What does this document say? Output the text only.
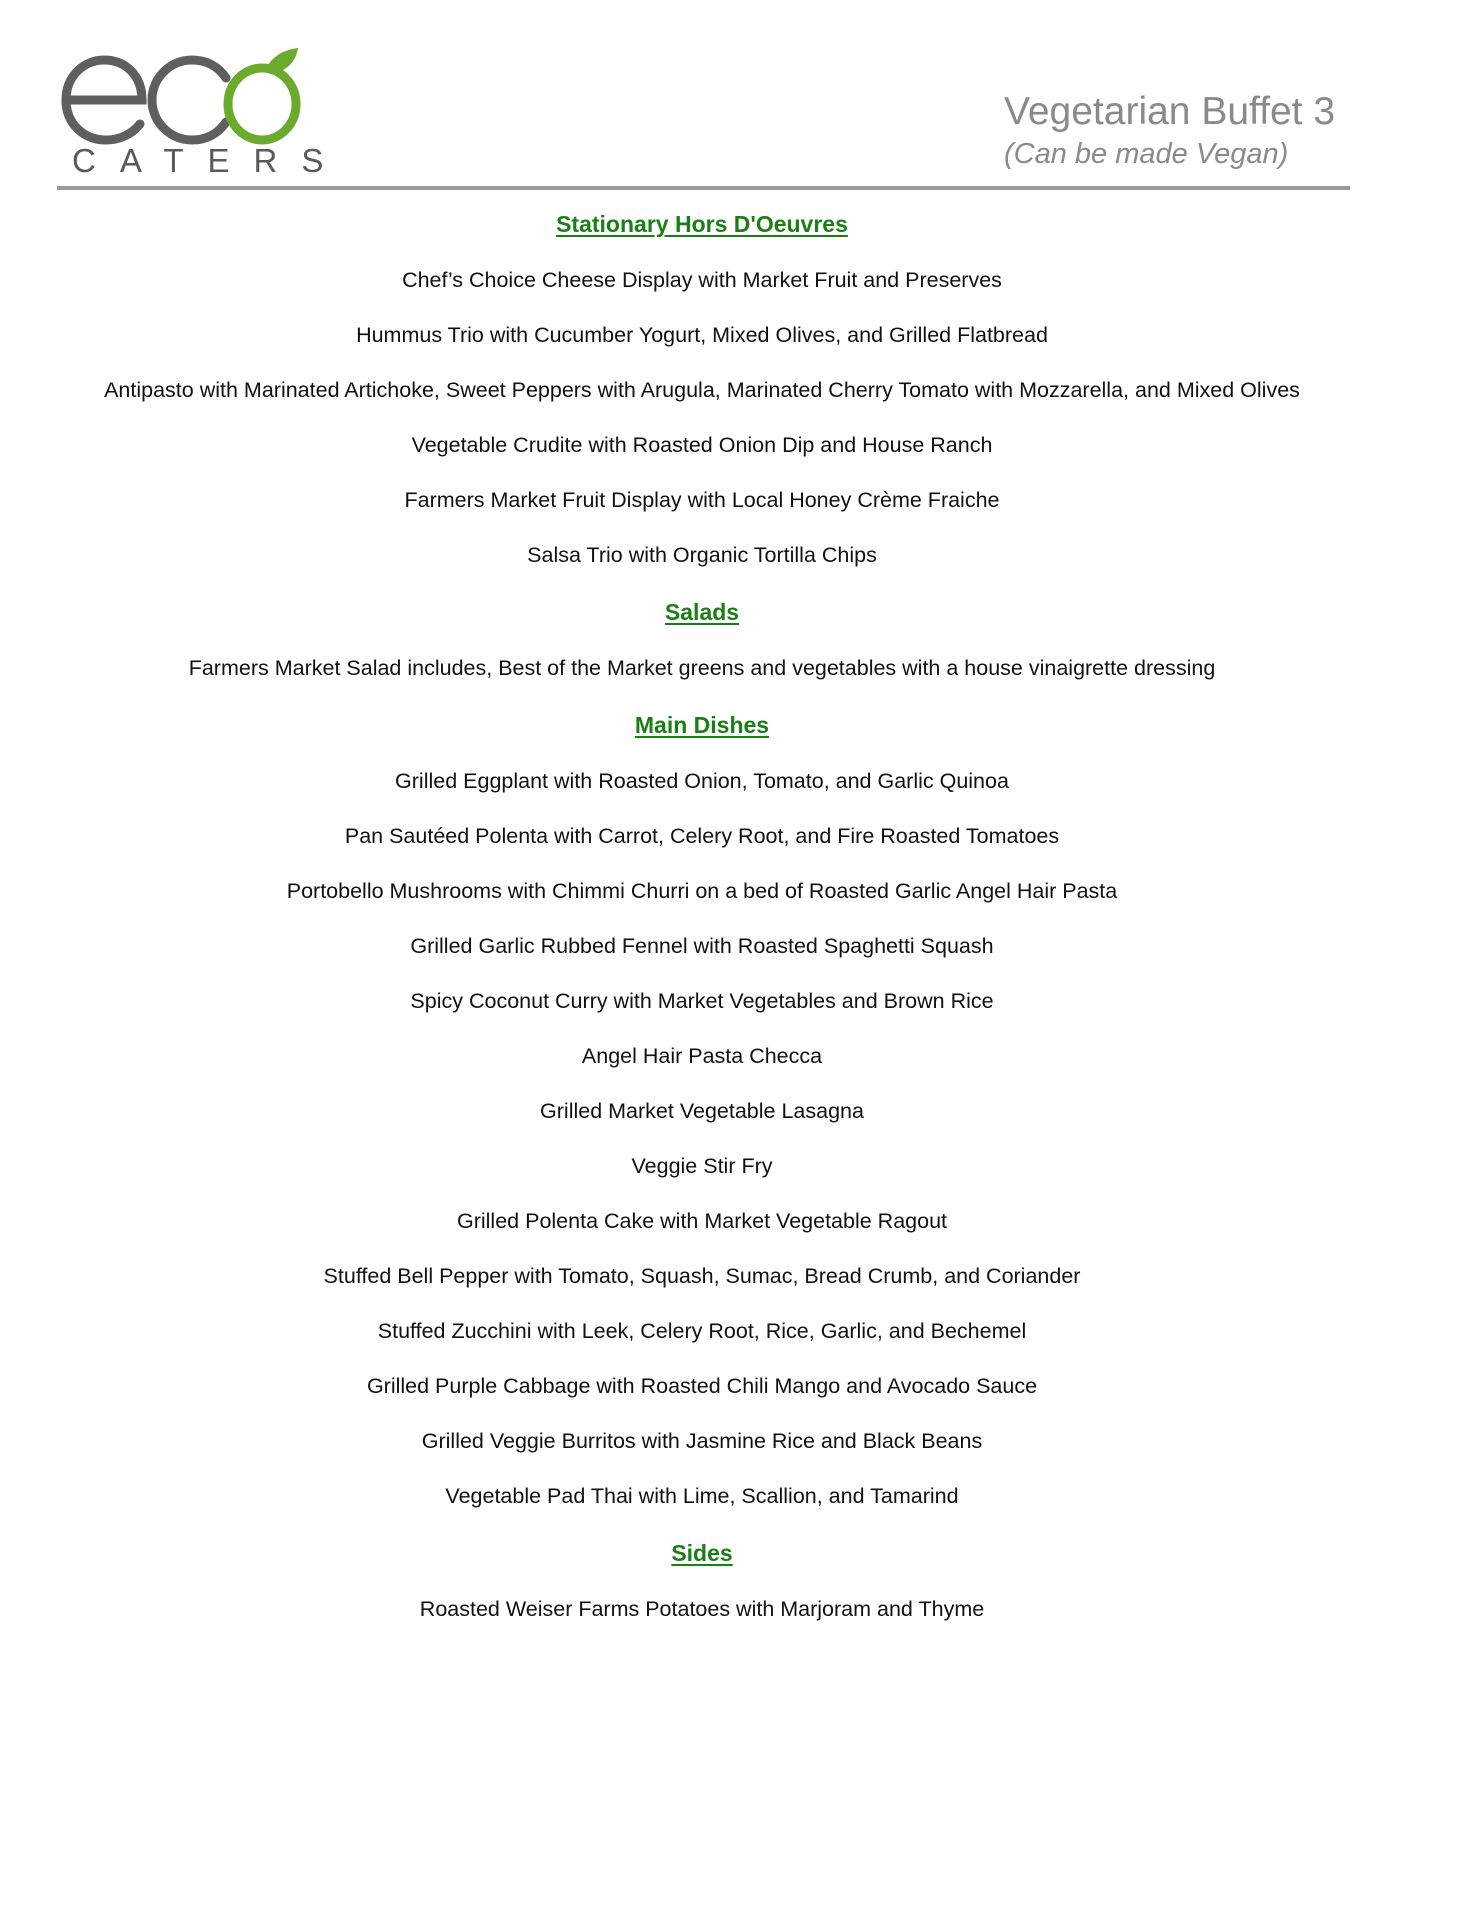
CATERS
Vegetarian Buffet 3
(Can be made Vegan)
Stationary Hors D'Oeuvres
Chef’s Choice Cheese Display with Market Fruit and Preserves
Hummus Trio with Cucumber Yogurt, Mixed Olives, and Grilled Flatbread
Antipasto with Marinated Artichoke, Sweet Peppers with Arugula, Marinated Cherry Tomato with Mozzarella, and Mixed Olives
Vegetable Crudite with Roasted Onion Dip and House Ranch
Farmers Market Fruit Display with Local Honey Crème Fraiche
Salsa Trio with Organic Tortilla Chips
Salads
Farmers Market Salad includes, Best of the Market greens and vegetables with a house vinaigrette dressing
Main Dishes
Grilled Eggplant with Roasted Onion, Tomato, and Garlic Quinoa
Pan Sautéed Polenta with Carrot, Celery Root, and Fire Roasted Tomatoes
Portobello Mushrooms with Chimmi Churri on a bed of Roasted Garlic Angel Hair Pasta
Grilled Garlic Rubbed Fennel with Roasted Spaghetti Squash
Spicy Coconut Curry with Market Vegetables and Brown Rice
Angel Hair Pasta Checca
Grilled Market Vegetable Lasagna
Veggie Stir Fry
Grilled Polenta Cake with Market Vegetable Ragout
Stuffed Bell Pepper with Tomato, Squash, Sumac, Bread Crumb, and Coriander
Stuffed Zucchini with Leek, Celery Root, Rice, Garlic, and Bechemel
Grilled Purple Cabbage with Roasted Chili Mango and Avocado Sauce
Grilled Veggie Burritos with Jasmine Rice and Black Beans
Vegetable Pad Thai with Lime, Scallion, and Tamarind
Sides
Roasted Weiser Farms Potatoes with Marjoram and Thyme
